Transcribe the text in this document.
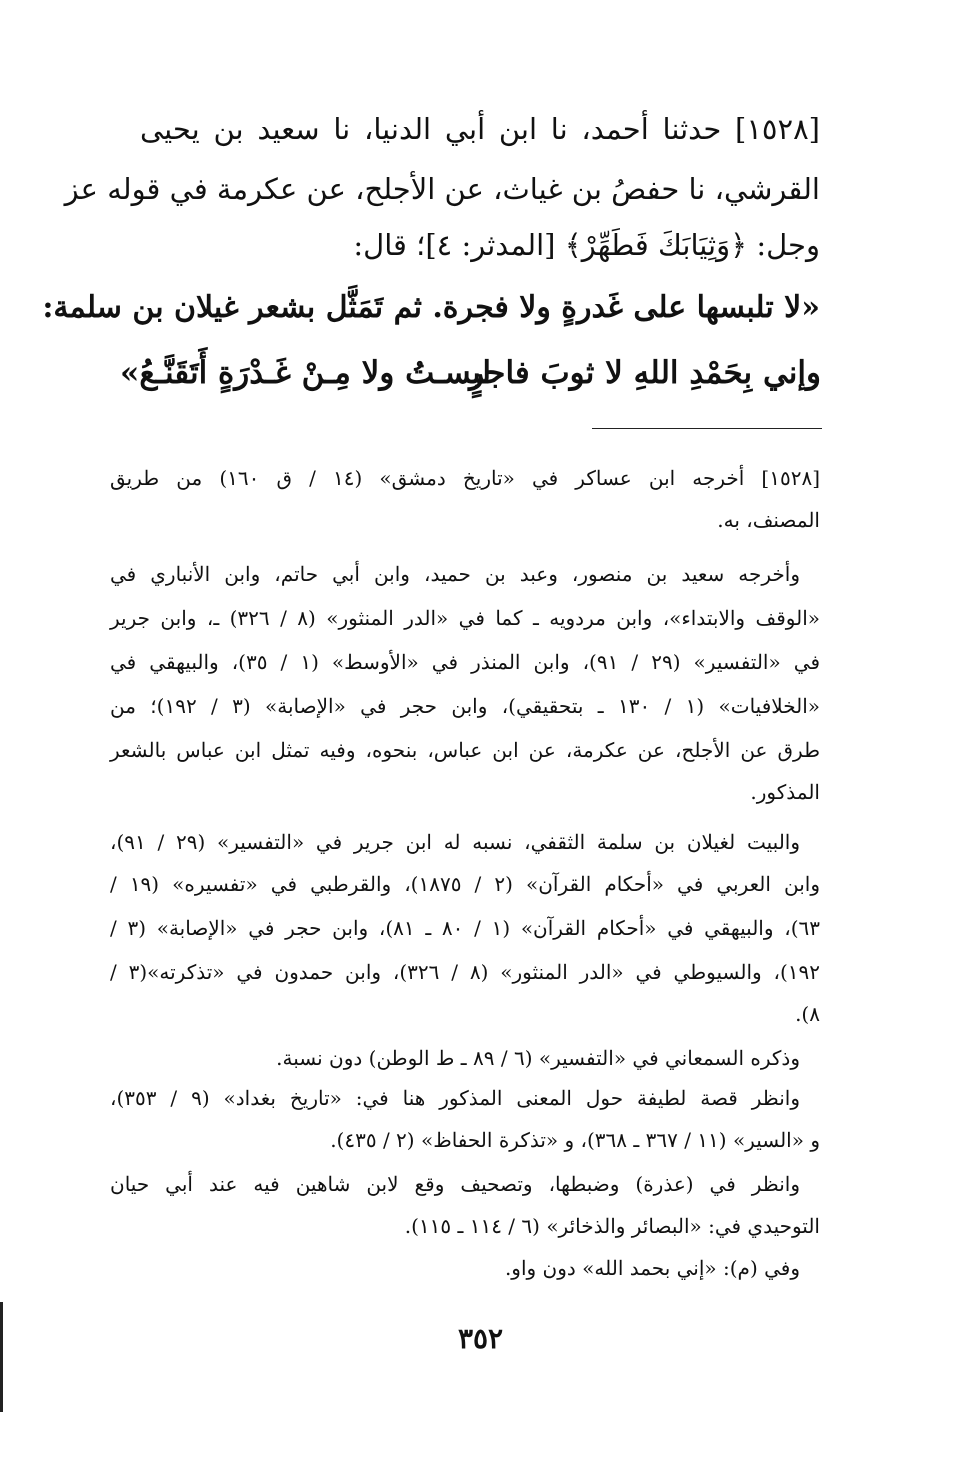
[١٥٢٨] حدثنا أحمد، نا ابن أبي الدنيا، نا سعيد بن يحيى
القرشي، نا حفصُ بن غياث، عن الأجلح، عن عكرمة في قوله عز
وجل: ﴿وَثِيَابَكَ فَطَهِّرْ﴾ [المدثر: ٤]؛ قال:
«لا تلبسها على غَدرةٍ ولا فجرة. ثم تَمَثَّل بشعر غيلان بن سلمة:
وإني بِحَمْدِ اللهِ لا ثوبَ فاجرٍ
لبسـتُ ولا مِـنْ غَـدْرَةٍ أَتَقَنَّـعُ»
[١٥٢٨] أخرجه ابن عساكر في «تاريخ دمشق» (١٤ / ق ١٦٠) من طريق
المصنف، به.
وأخرجه سعيد بن منصور، وعبد بن حميد، وابن أبي حاتم، وابن الأنباري في
«الوقف والابتداء»، وابن مردويه ـ كما في «الدر المنثور» (٨ / ٣٢٦) ـ، وابن جرير
في «التفسير» (٢٩ / ٩١)، وابن المنذر في «الأوسط» (١ / ٣٥)، والبيهقي في
«الخلافيات» (١ / ١٣٠ ـ بتحقيقي)، وابن حجر في «الإصابة» (٣ / ١٩٢)؛ من
طرق عن الأجلح، عن عكرمة، عن ابن عباس، بنحوه، وفيه تمثل ابن عباس بالشعر
المذكور.
والبيت لغيلان بن سلمة الثقفي، نسبه له ابن جرير في «التفسير» (٢٩ / ٩١)،
وابن العربي في «أحكام القرآن» (٢ / ١٨٧٥)، والقرطبي في «تفسيره» (١٩ /
٦٣)، والبيهقي في «أحكام القرآن» (١ / ٨٠ ـ ٨١)، وابن حجر في «الإصابة» (٣ /
١٩٢)، والسيوطي في «الدر المنثور» (٨ / ٣٢٦)، وابن حمدون في «تذكرته»(٣ /
٨).
وذكره السمعاني في «التفسير» (٦ / ٨٩ ـ ط الوطن) دون نسبة.
وانظر قصة لطيفة حول المعنى المذكور هنا في: «تاريخ بغداد» (٩ / ٣٥٣)،
و «السير» (١١ / ٣٦٧ ـ ٣٦٨)، و «تذكرة الحفاظ» (٢ / ٤٣٥).
وانظر في (عذرة) وضبطها، وتصحيف وقع لابن شاهين فيه عند أبي حيان
التوحيدي في: «البصائر والذخائر» (٦ / ١١٤ ـ ١١٥).
وفي (م): «إني بحمد الله» دون واو.
٣٥٢
